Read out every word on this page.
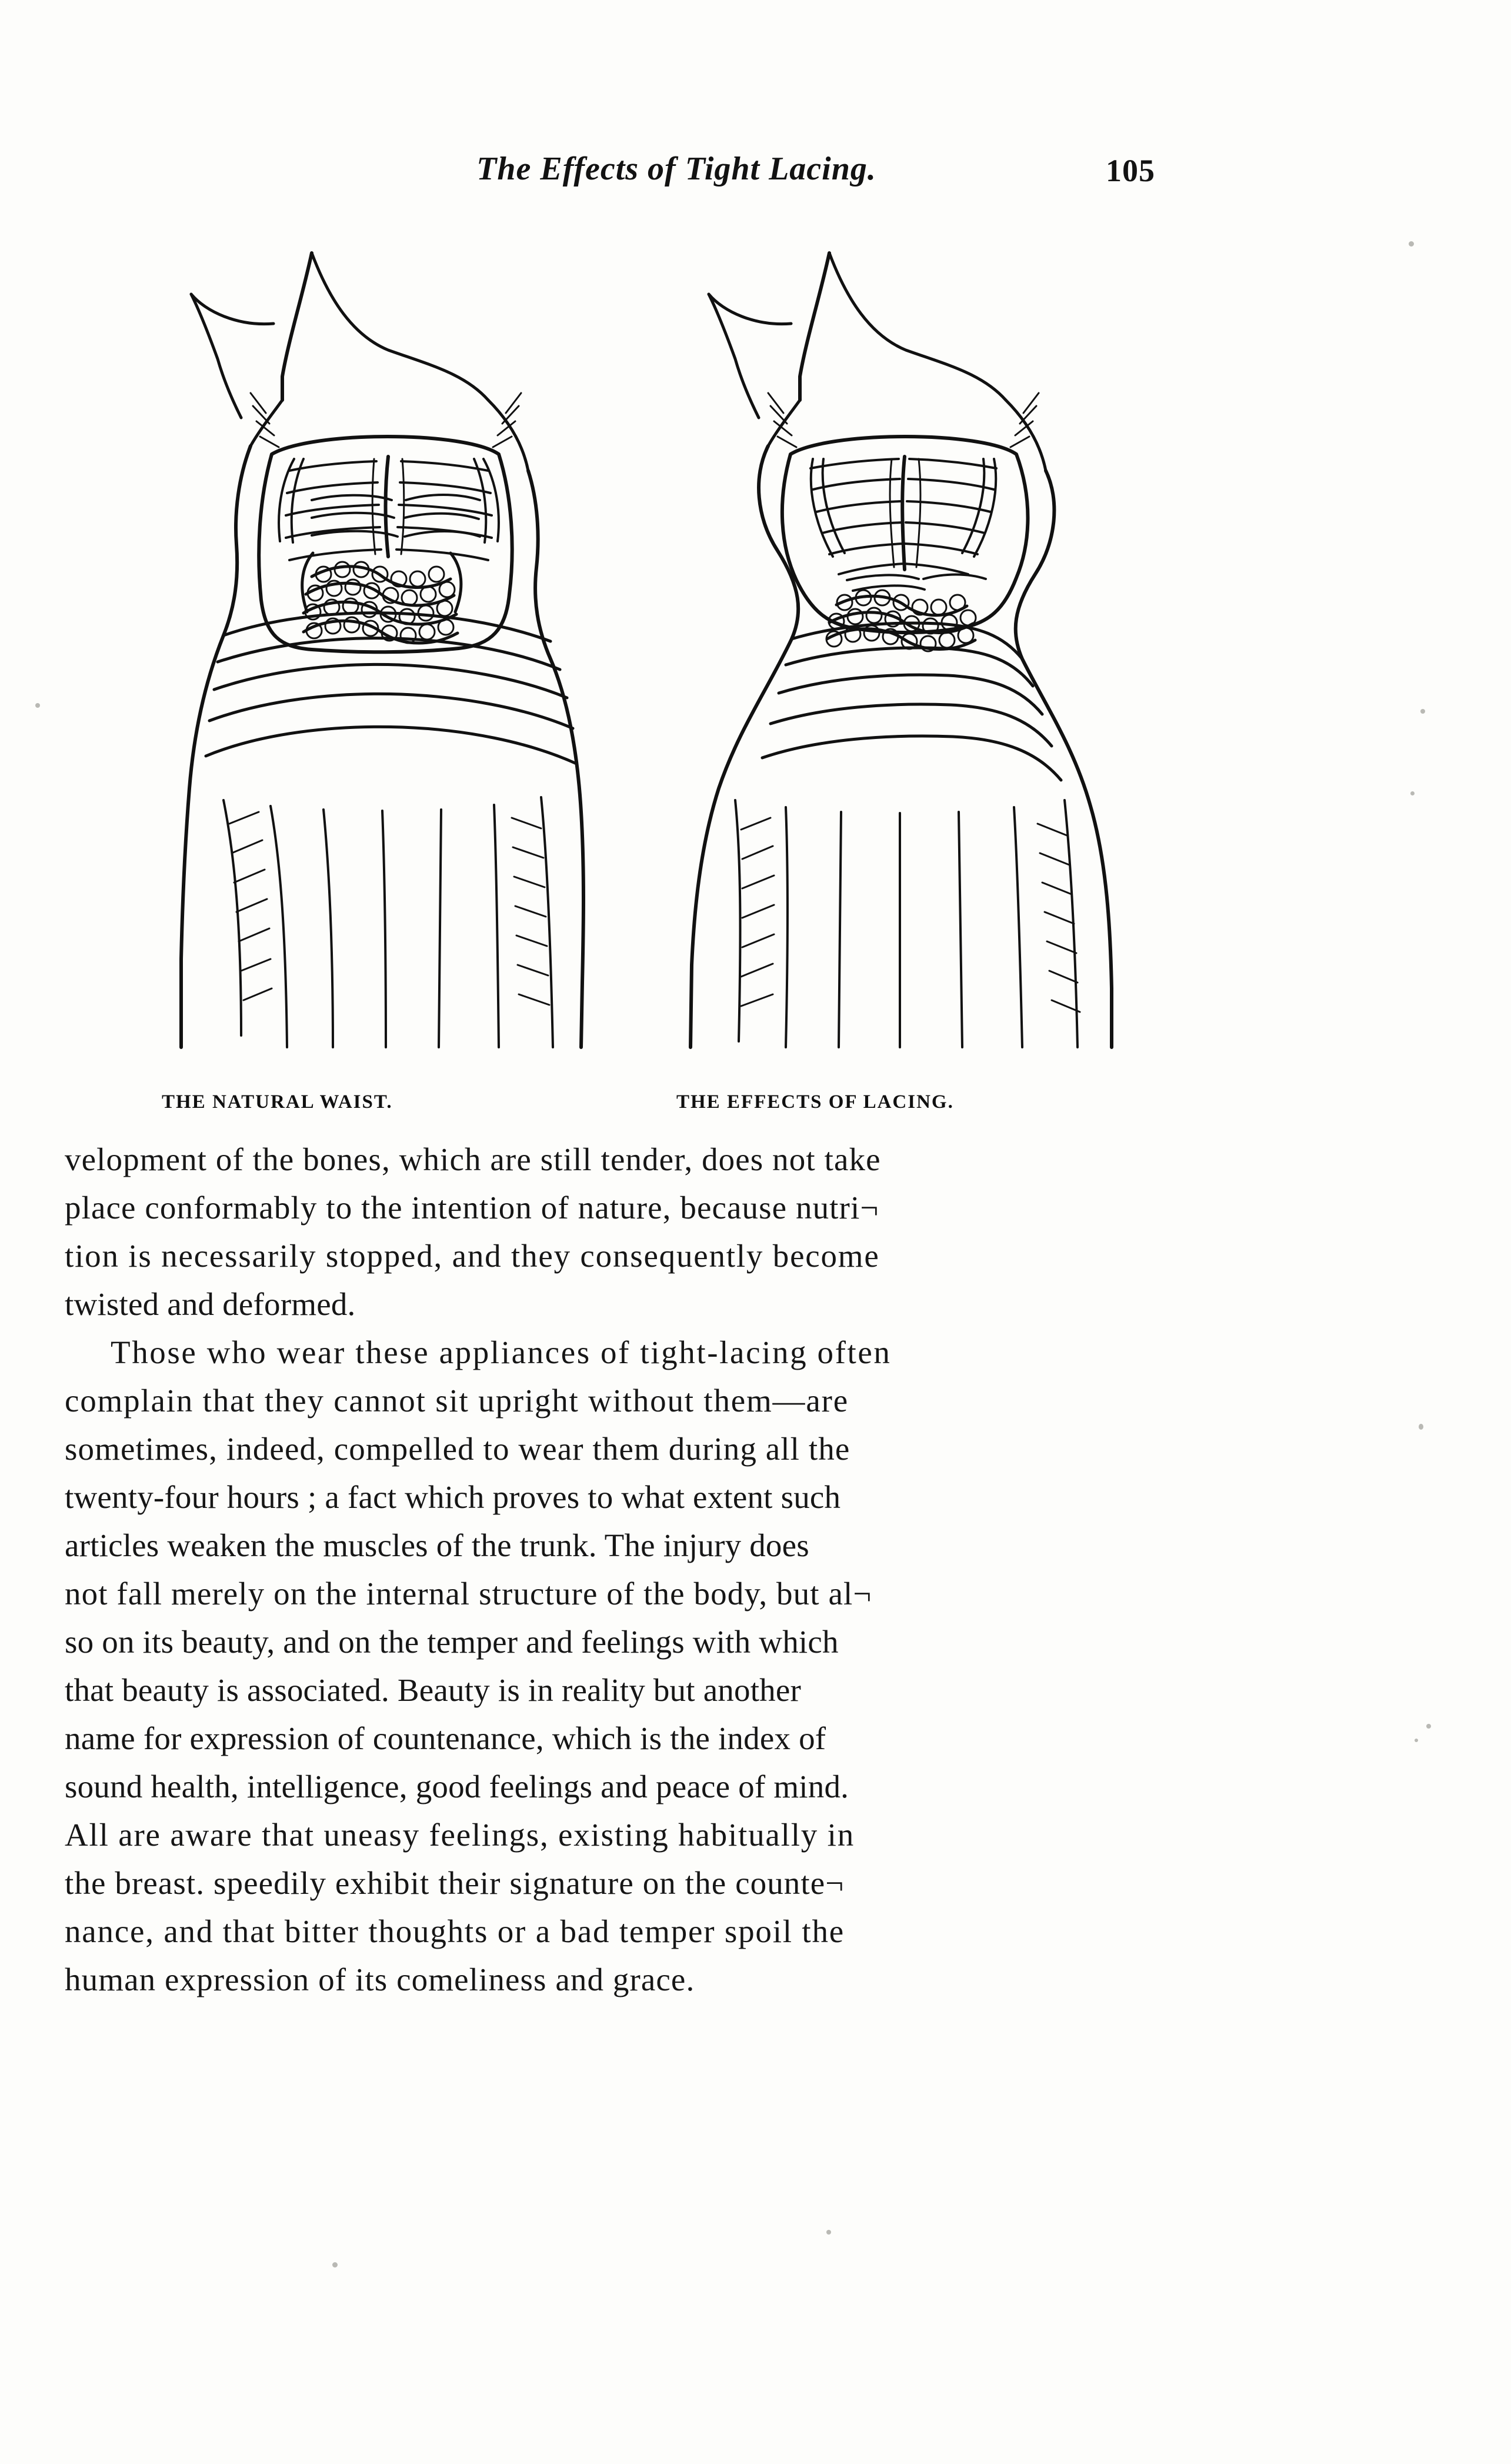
The Effects of Tight Lacing.	105
THE NATURAL WAIST.	THE EFFECTS OF LACING.

velopment of the bones, which are still tender, does not take
place conformably to the intention of nature, because nutri¬
tion is necessarily stopped, and they consequently become
twisted and deformed.

Those who wear these appliances of tight-lacing often
complain that they cannot sit upright without them—are
sometimes, indeed, compelled to wear them during all the
twenty-four hours ; a fact which proves to what extent such
articles weaken the muscles of the trunk. The injury does
not fall merely on the internal structure of the body, but al¬
so on its beauty, and on the temper and feelings with which
that beauty is associated. Beauty is in reality but another
name for expression of countenance, which is the index of
sound health, intelligence, good feelings and peace of mind.
All are aware that uneasy feelings, existing habitually in
the breast. speedily exhibit their signature on the counte¬
nance, and that bitter thoughts or a bad temper spoil the
human expression of its comeliness and grace.
